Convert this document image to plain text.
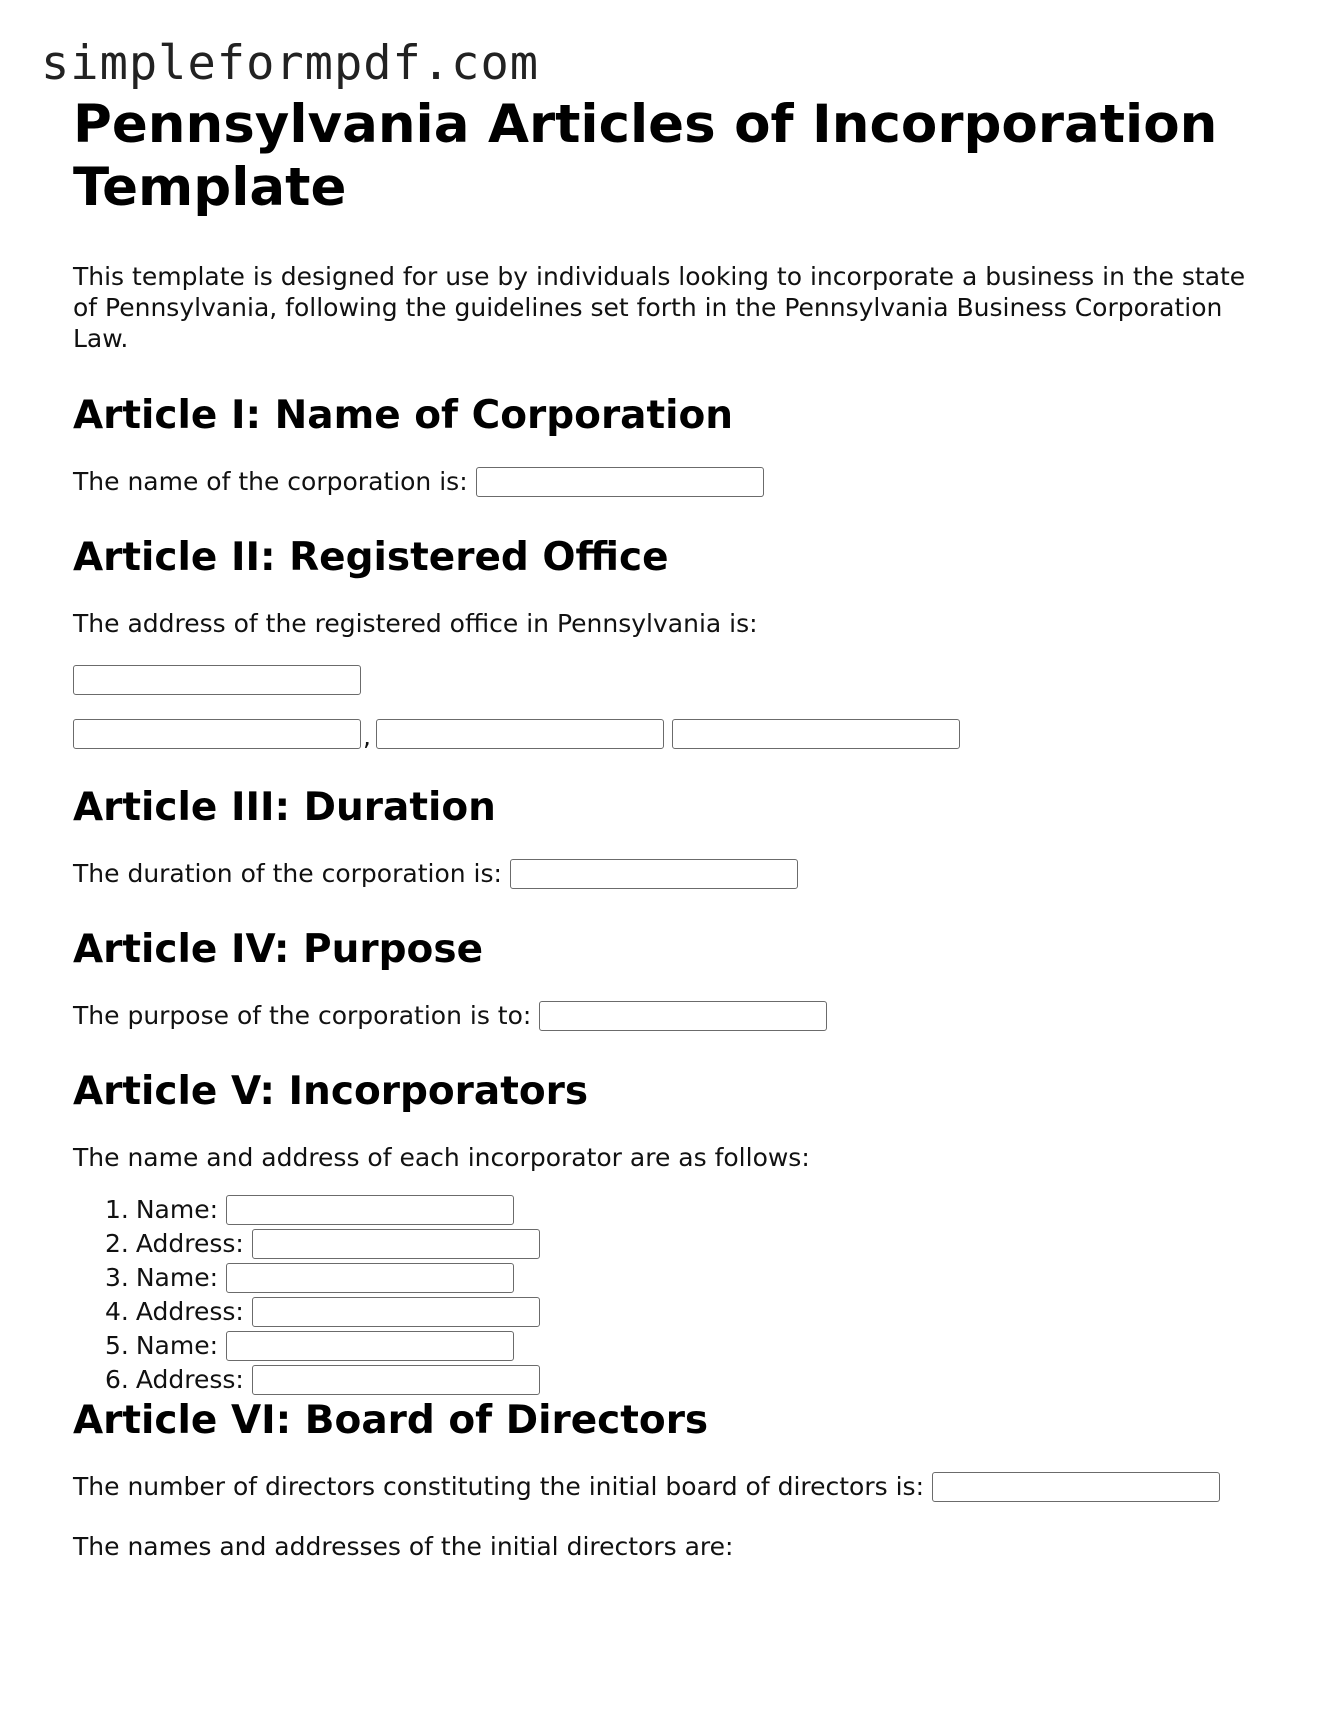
simpleformpdf.com
Pennsylvania Articles of Incorporation Template

This template is designed for use by individuals looking to incorporate a business in the state of Pennsylvania, following the guidelines set forth in the Pennsylvania Business Corporation Law.

Article I: Name of Corporation
The name of the corporation is:
Article II: Registered Office
The address of the registered office in Pennsylvania is:
,
Article III: Duration
The duration of the corporation is:
Article IV: Purpose
The purpose of the corporation is to:
Article V: Incorporators
The name and address of each incorporator are as follows:
1. Name:
2. Address:
3. Name:
4. Address:
5. Name:
6. Address:
Article VI: Board of Directors
The number of directors constituting the initial board of directors is:
The names and addresses of the initial directors are:
